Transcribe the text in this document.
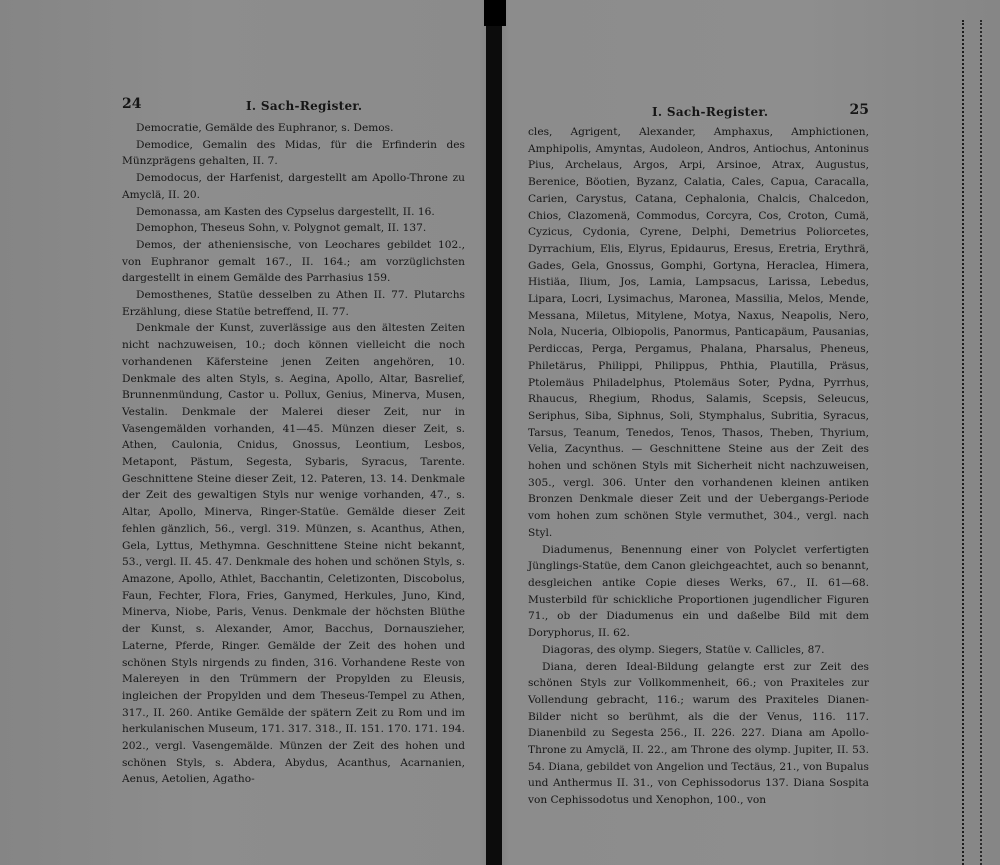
24	I. Sach-Register.

Democratie, Gemälde des Euphranor, s. Demos.

Demodice, Gemalin des Midas, für die Erfinderin des Münzprägens gehalten, II. 7.

Demodocus, der Harfenist, dargestellt am Apollo-Throne zu Amyclä, II. 20.

Demonassa, am Kasten des Cypselus dargestellt, II. 16.

Demophon, Theseus Sohn, v. Polygnot gemalt, II. 137.

Demos, der atheniensische, von Leochares gebildet 102., von Euphranor gemalt 167., II. 164.; am vorzüglichsten dargestellt in einem Gemälde des Parrhasius 159.

Demosthenes, Statüe desselben zu Athen II. 77. Plutarchs Erzählung, diese Statüe betreffend, II. 77.

Denkmale der Kunst, zuverlässige aus den ältesten Zeiten nicht nachzuweisen, 10.; doch können vielleicht die noch vorhandenen Käfersteine jenen Zeiten angehören, 10. Denkmale des alten Styls, s. Aegina, Apollo, Altar, Basrelief, Brunnenmündung, Castor u. Pollux, Genius, Minerva, Musen, Vestalin. Denkmale der Malerei dieser Zeit, nur in Vasengemälden vorhanden, 41—45. Münzen dieser Zeit, s. Athen, Caulonia, Cnidus, Gnossus, Leontium, Lesbos, Metapont, Pästum, Segesta, Sybaris, Syracus, Tarente. Geschnittene Steine dieser Zeit, 12. Pateren, 13. 14. Denkmale der Zeit des gewaltigen Styls nur wenige vorhanden, 47., s. Altar, Apollo, Minerva, Ringer-Statüe. Gemälde dieser Zeit fehlen gänzlich, 56., vergl. 319. Münzen, s. Acanthus, Athen, Gela, Lyttus, Methymna. Geschnittene Steine nicht bekannt, 53., vergl. II. 45. 47. Denkmale des hohen und schönen Styls, s. Amazone, Apollo, Athlet, Bacchantin, Celetizonten, Discobolus, Faun, Fechter, Flora, Fries, Ganymed, Herkules, Juno, Kind, Minerva, Niobe, Paris, Venus. Denkmale der höchsten Blüthe der Kunst, s. Alexander, Amor, Bacchus, Dornauszieher, Laterne, Pferde, Ringer. Gemälde der Zeit des hohen und schönen Styls nirgends zu finden, 316. Vorhandene Reste von Malereyen in den Trümmern der Propylden zu Eleusis, ingleichen der Propylden und dem Theseus-Tempel zu Athen, 317., II. 260. Antike Gemälde der spätern Zeit zu Rom und im herkulanischen Museum, 171. 317. 318., II. 151. 170. 171. 194. 202., vergl. Vasengemälde. Münzen der Zeit des hohen und schönen Styls, s. Abdera, Abydus, Acanthus, Acarnanien, Aenus, Aetolien, Agatho-

I. Sach-Register.	25

cles, Agrigent, Alexander, Amphaxus, Amphictionen, Amphipolis, Amyntas, Audoleon, Andros, Antiochus, Antoninus Pius, Archelaus, Argos, Arpi, Arsinoe, Atrax, Augustus, Berenice, Böotien, Byzanz, Calatia, Cales, Capua, Caracalla, Carien, Carystus, Catana, Cephalonia, Chalcis, Chalcedon, Chios, Clazomenä, Commodus, Corcyra, Cos, Croton, Cumä, Cyzicus, Cydonia, Cyrene, Delphi, Demetrius Poliorcetes, Dyrrachium, Elis, Elyrus, Epidaurus, Eresus, Eretria, Erythrä, Gades, Gela, Gnossus, Gomphi, Gortyna, Heraclea, Himera, Histiäa, Ilium, Jos, Lamia, Lampsacus, Larissa, Lebedus, Lipara, Locri, Lysimachus, Maronea, Massilia, Melos, Mende, Messana, Miletus, Mitylene, Motya, Naxus, Neapolis, Nero, Nola, Nuceria, Olbiopolis, Panormus, Panticapäum, Pausanias, Perdiccas, Perga, Pergamus, Phalana, Pharsalus, Pheneus, Philetärus, Philippi, Philippus, Phthia, Plautilla, Präsus, Ptolemäus Philadelphus, Ptolemäus Soter, Pydna, Pyrrhus, Rhaucus, Rhegium, Rhodus, Salamis, Scepsis, Seleucus, Seriphus, Siba, Siphnus, Soli, Stymphalus, Subritia, Syracus, Tarsus, Teanum, Tenedos, Tenos, Thasos, Theben, Thyrium, Velia, Zacynthus. — Geschnittene Steine aus der Zeit des hohen und schönen Styls mit Sicherheit nicht nachzuweisen, 305., vergl. 306. Unter den vorhandenen kleinen antiken Bronzen Denkmale dieser Zeit und der Uebergangs-Periode vom hohen zum schönen Style vermuthet, 304., vergl. nach Styl.

Diadumenus, Benennung einer von Polyclet verfertigten Jünglings-Statüe, dem Canon gleichgeachtet, auch so benannt, desgleichen antike Copie dieses Werks, 67., II. 61—68. Musterbild für schickliche Proportionen jugendlicher Figuren 71., ob der Diadumenus ein und daßelbe Bild mit dem Doryphorus, II. 62.

Diagoras, des olymp. Siegers, Statüe v. Callicles, 87.

Diana, deren Ideal-Bildung gelangte erst zur Zeit des schönen Styls zur Vollkommenheit, 66.; von Praxiteles zur Vollendung gebracht, 116.; warum des Praxiteles Dianen-Bilder nicht so berühmt, als die der Venus, 116. 117. Dianenbild zu Segesta 256., II. 226. 227. Diana am Apollo-Throne zu Amyclä, II. 22., am Throne des olymp. Jupiter, II. 53. 54. Diana, gebildet von Angelion und Tectäus, 21., von Bupalus und Anthermus II. 31., von Cephissodorus 137. Diana Sospita von Cephissodotus und Xenophon, 100., von
